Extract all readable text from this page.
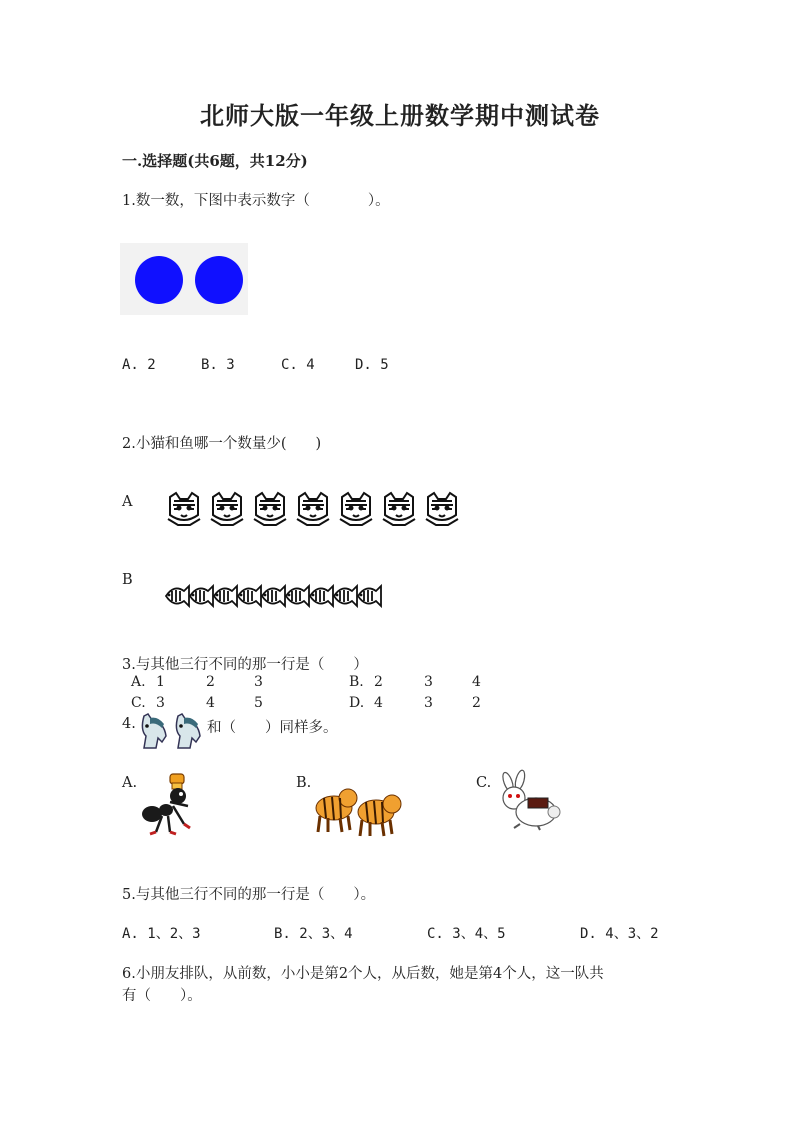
北师大版一年级上册数学期中测试卷
一.选择题(共6题，共12分)
1.数一数，下图中表示数字（　　　　）。
A. 2	B. 3	C. 4	D. 5
2.小猫和鱼哪一个数量少(　　)
A
B
3.与其他三行不同的那一行是（　　）
A. 1	2	3	B. 2	3	4
C. 3	4	5	D. 4	3	2
4.	和（　　）同样多。
A.	B.	C.
5.与其他三行不同的那一行是（　　）。
A. 1、2、3	B. 2、3、4	C. 3、4、5	D. 4、3、2
6.小朋友排队，从前数，小小是第2个人，从后数，她是第4个人，这一队共
有（　　）。
